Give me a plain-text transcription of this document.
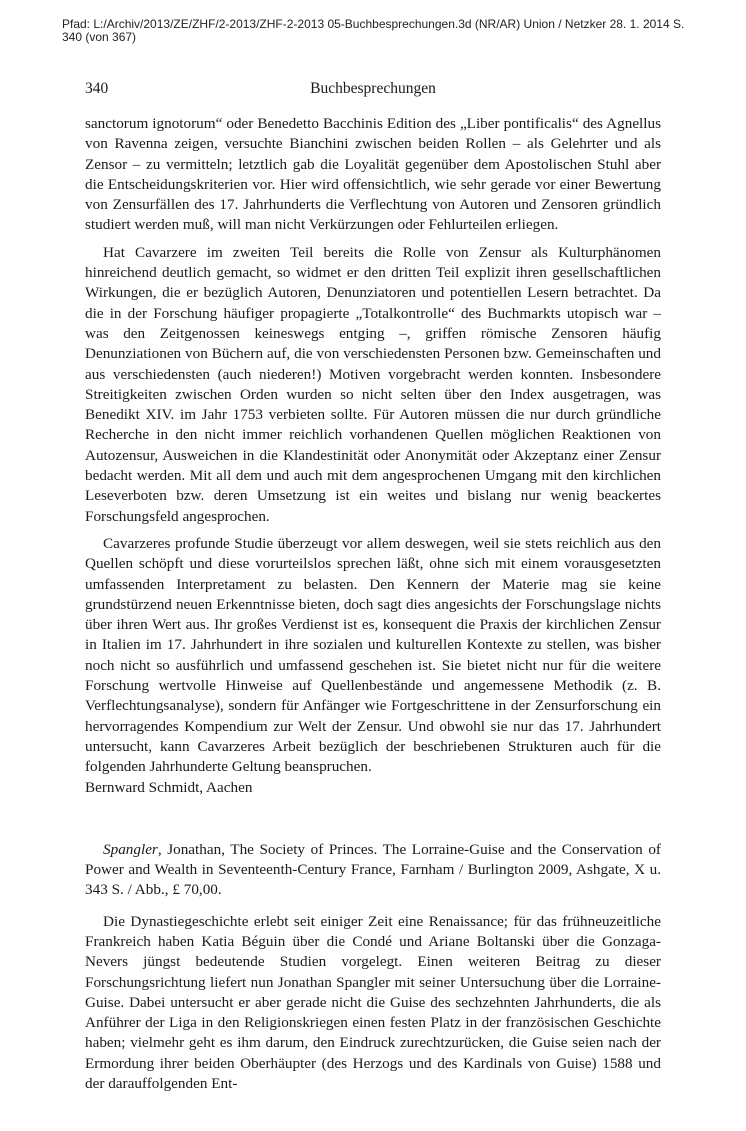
Pfad: L:/Archiv/2013/ZE/ZHF/2-2013/ZHF-2-2013 05-Buchbesprechungen.3d (NR/AR) Union / Netzker 28. 1. 2014 S. 340 (von 367)
340	Buchbesprechungen

sanctorum ignotorum“ oder Benedetto Bacchinis Edition des „Liber pontificalis“ des Agnellus von Ravenna zeigen, versuchte Bianchini zwischen beiden Rollen – als Gelehrter und als Zensor – zu vermitteln; letztlich gab die Loyalität gegenüber dem Apostolischen Stuhl aber die Entscheidungskriterien vor. Hier wird offensichtlich, wie sehr gerade vor einer Bewertung von Zensurfällen des 17. Jahrhunderts die Verflechtung von Autoren und Zensoren gründlich studiert werden muß, will man nicht Verkürzungen oder Fehlurteilen erliegen.

Hat Cavarzere im zweiten Teil bereits die Rolle von Zensur als Kulturphänomen hinreichend deutlich gemacht, so widmet er den dritten Teil explizit ihren gesellschaftlichen Wirkungen, die er bezüglich Autoren, Denunziatoren und potentiellen Lesern betrachtet. Da die in der Forschung häufiger propagierte „Totalkontrolle“ des Buchmarkts utopisch war – was den Zeitgenossen keineswegs entging –, griffen römische Zensoren häufig Denunziationen von Büchern auf, die von verschiedensten Personen bzw. Gemeinschaften und aus verschiedensten (auch niederen!) Motiven vorgebracht werden konnten. Insbesondere Streitigkeiten zwischen Orden wurden so nicht selten über den Index ausgetragen, was Benedikt XIV. im Jahr 1753 verbieten sollte. Für Autoren müssen die nur durch gründliche Recherche in den nicht immer reichlich vorhandenen Quellen möglichen Reaktionen von Autozensur, Ausweichen in die Klandestinität oder Anonymität oder Akzeptanz einer Zensur bedacht werden. Mit all dem und auch mit dem angesprochenen Umgang mit den kirchlichen Leseverboten bzw. deren Umsetzung ist ein weites und bislang nur wenig beackertes Forschungsfeld angesprochen.

Cavarzeres profunde Studie überzeugt vor allem deswegen, weil sie stets reichlich aus den Quellen schöpft und diese vorurteilslos sprechen läßt, ohne sich mit einem vorausgesetzten umfassenden Interpretament zu belasten. Den Kennern der Materie mag sie keine grundstürzend neuen Erkenntnisse bieten, doch sagt dies angesichts der Forschungslage nichts über ihren Wert aus. Ihr großes Verdienst ist es, konsequent die Praxis der kirchlichen Zensur in Italien im 17. Jahrhundert in ihre sozialen und kulturellen Kontexte zu stellen, was bisher noch nicht so ausführlich und umfassend geschehen ist. Sie bietet nicht nur für die weitere Forschung wertvolle Hinweise auf Quellenbestände und angemessene Methodik (z. B. Verflechtungsanalyse), sondern für Anfänger wie Fortgeschrittene in der Zensurforschung ein hervorragendes Kompendium zur Welt der Zensur. Und obwohl sie nur das 17. Jahrhundert untersucht, kann Cavarzeres Arbeit bezüglich der beschriebenen Strukturen auch für die folgenden Jahrhunderte Geltung beanspruchen.

Bernward Schmidt, Aachen

Spangler, Jonathan, The Society of Princes. The Lorraine-Guise and the Conservation of Power and Wealth in Seventeenth-Century France, Farnham / Burlington 2009, Ashgate, X u. 343 S. / Abb., £ 70,00.

Die Dynastiegeschichte erlebt seit einiger Zeit eine Renaissance; für das frühneuzeitliche Frankreich haben Katia Béguin über die Condé und Ariane Boltanski über die Gonzaga-Nevers jüngst bedeutende Studien vorgelegt. Einen weiteren Beitrag zu dieser Forschungsrichtung liefert nun Jonathan Spangler mit seiner Untersuchung über die Lorraine-Guise. Dabei untersucht er aber gerade nicht die Guise des sechzehnten Jahrhunderts, die als Anführer der Liga in den Religionskriegen einen festen Platz in der französischen Geschichte haben; vielmehr geht es ihm darum, den Eindruck zurechtzurücken, die Guise seien nach der Ermordung ihrer beiden Oberhäupter (des Herzogs und des Kardinals von Guise) 1588 und der darauffolgenden Ent-
